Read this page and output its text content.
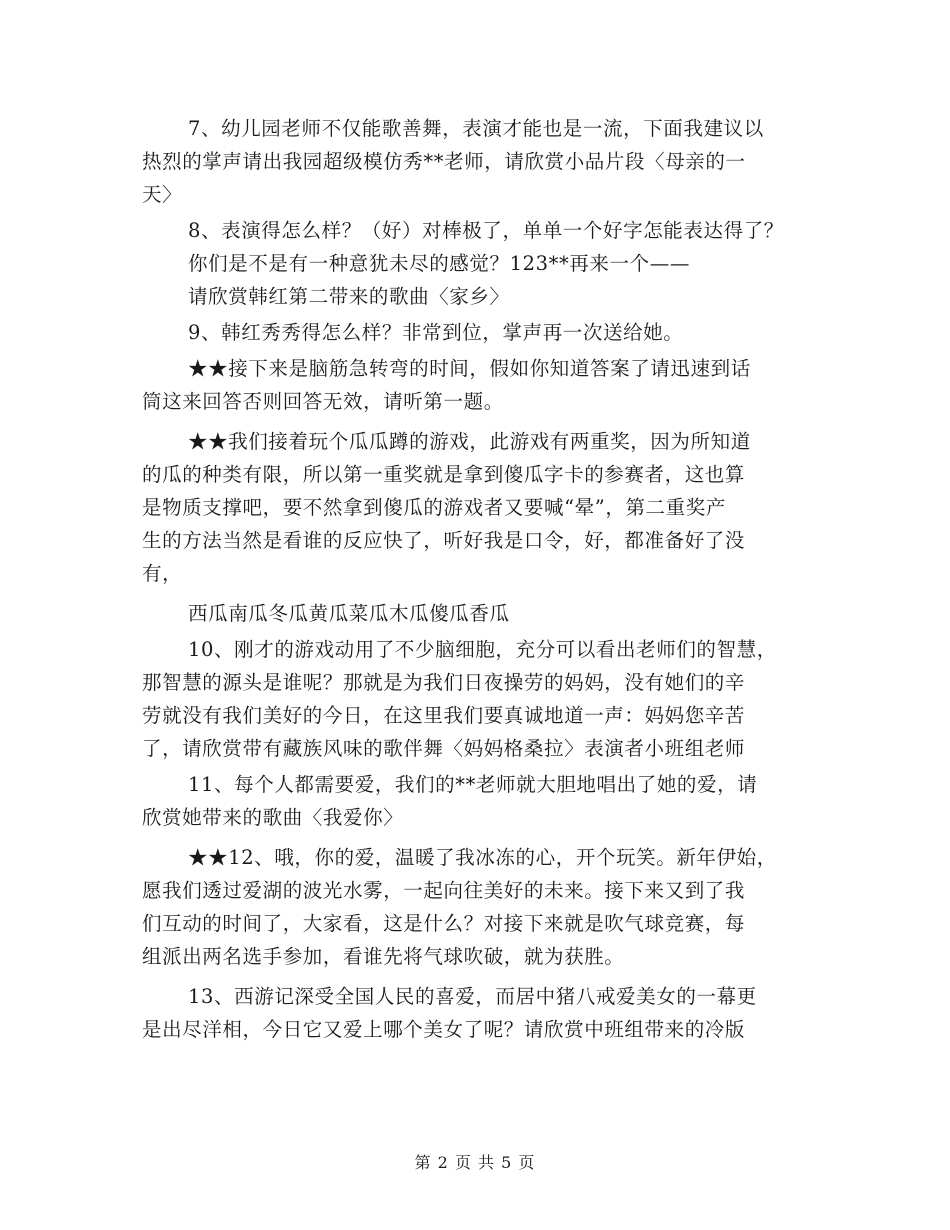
7、幼儿园老师不仅能歌善舞，表演才能也是一流，下面我建议以
热烈的掌声请出我园超级模仿秀**老师，请欣赏小品片段〈母亲的一
天〉
8、表演得怎么样？（好）对棒极了，单单一个好字怎能表达得了？
你们是不是有一种意犹未尽的感觉？123**再来一个——
请欣赏韩红第二带来的歌曲〈家乡〉
9、韩红秀秀得怎么样？非常到位，掌声再一次送给她。
★★接下来是脑筋急转弯的时间，假如你知道答案了请迅速到话
筒这来回答否则回答无效，请听第一题。
★★我们接着玩个瓜瓜蹲的游戏，此游戏有两重奖，因为所知道
的瓜的种类有限，所以第一重奖就是拿到傻瓜字卡的参赛者，这也算
是物质支撑吧，要不然拿到傻瓜的游戏者又要喊“晕”，第二重奖产
生的方法当然是看谁的反应快了，听好我是口令，好，都准备好了没
有，
西瓜南瓜冬瓜黄瓜菜瓜木瓜傻瓜香瓜
10、刚才的游戏动用了不少脑细胞，充分可以看出老师们的智慧，
那智慧的源头是谁呢？那就是为我们日夜操劳的妈妈，没有她们的辛
劳就没有我们美好的今日，在这里我们要真诚地道一声：妈妈您辛苦
了，请欣赏带有藏族风味的歌伴舞〈妈妈格桑拉〉表演者小班组老师
11、每个人都需要爱，我们的**老师就大胆地唱出了她的爱，请
欣赏她带来的歌曲〈我爱你〉
★★12、哦，你的爱，温暖了我冰冻的心，开个玩笑。新年伊始，
愿我们透过爱湖的波光水雾，一起向往美好的未来。接下来又到了我
们互动的时间了，大家看，这是什么？对接下来就是吹气球竞赛，每
组派出两名选手参加，看谁先将气球吹破，就为获胜。
13、西游记深受全国人民的喜爱，而居中猪八戒爱美女的一幕更
是出尽洋相，今日它又爱上哪个美女了呢？请欣赏中班组带来的冷版
第 2 页 共 5 页
